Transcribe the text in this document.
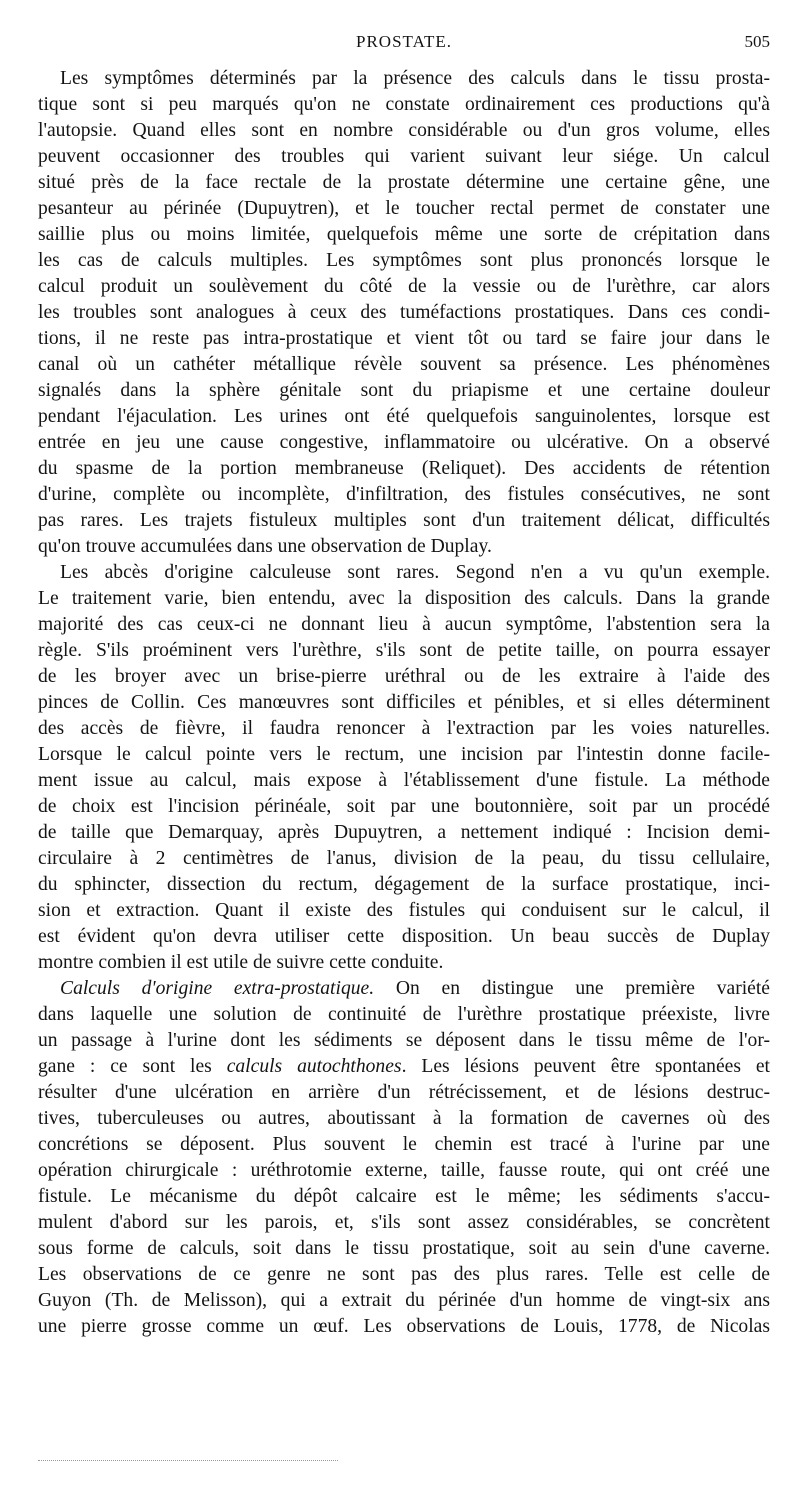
PROSTATE.	505
Les symptômes déterminés par la présence des calculs dans le tissu prosta-
tique sont si peu marqués qu'on ne constate ordinairement ces productions qu'à
l'autopsie. Quand elles sont en nombre considérable ou d'un gros volume, elles
peuvent occasionner des troubles qui varient suivant leur siége. Un calcul
situé près de la face rectale de la prostate détermine une certaine gêne, une
pesanteur au périnée (Dupuytren), et le toucher rectal permet de constater une
saillie plus ou moins limitée, quelquefois même une sorte de crépitation dans
les cas de calculs multiples. Les symptômes sont plus prononcés lorsque le
calcul produit un soulèvement du côté de la vessie ou de l'urèthre, car alors
les troubles sont analogues à ceux des tuméfactions prostatiques. Dans ces condi-
tions, il ne reste pas intra-prostatique et vient tôt ou tard se faire jour dans le
canal où un cathéter métallique révèle souvent sa présence. Les phénomènes
signalés dans la sphère génitale sont du priapisme et une certaine douleur
pendant l'éjaculation. Les urines ont été quelquefois sanguinolentes, lorsque est
entrée en jeu une cause congestive, inflammatoire ou ulcérative. On a observé
du spasme de la portion membraneuse (Reliquet). Des accidents de rétention
d'urine, complète ou incomplète, d'infiltration, des fistules consécutives, ne sont
pas rares. Les trajets fistuleux multiples sont d'un traitement délicat, difficultés
qu'on trouve accumulées dans une observation de Duplay.
Les abcès d'origine calculeuse sont rares. Segond n'en a vu qu'un exemple.
Le traitement varie, bien entendu, avec la disposition des calculs. Dans la grande
majorité des cas ceux-ci ne donnant lieu à aucun symptôme, l'abstention sera la
règle. S'ils proéminent vers l'urèthre, s'ils sont de petite taille, on pourra essayer
de les broyer avec un brise-pierre uréthral ou de les extraire à l'aide des
pinces de Collin. Ces manœuvres sont difficiles et pénibles, et si elles déterminent
des accès de fièvre, il faudra renoncer à l'extraction par les voies naturelles.
Lorsque le calcul pointe vers le rectum, une incision par l'intestin donne facile-
ment issue au calcul, mais expose à l'établissement d'une fistule. La méthode
de choix est l'incision périnéale, soit par une boutonnière, soit par un procédé
de taille que Demarquay, après Dupuytren, a nettement indiqué : Incision demi-
circulaire à 2 centimètres de l'anus, division de la peau, du tissu cellulaire,
du sphincter, dissection du rectum, dégagement de la surface prostatique, inci-
sion et extraction. Quant il existe des fistules qui conduisent sur le calcul, il
est évident qu'on devra utiliser cette disposition. Un beau succès de Duplay
montre combien il est utile de suivre cette conduite.
Calculs d'origine extra-prostatique. On en distingue une première variété
dans laquelle une solution de continuité de l'urèthre prostatique préexiste, livre
un passage à l'urine dont les sédiments se déposent dans le tissu même de l'or-
gane : ce sont les calculs autochthones. Les lésions peuvent être spontanées et
résulter d'une ulcération en arrière d'un rétrécissement, et de lésions destruc-
tives, tuberculeuses ou autres, aboutissant à la formation de cavernes où des
concrétions se déposent. Plus souvent le chemin est tracé à l'urine par une
opération chirurgicale : uréthrotomie externe, taille, fausse route, qui ont créé une
fistule. Le mécanisme du dépôt calcaire est le même; les sédiments s'accu-
mulent d'abord sur les parois, et, s'ils sont assez considérables, se concrètent
sous forme de calculs, soit dans le tissu prostatique, soit au sein d'une caverne.
Les observations de ce genre ne sont pas des plus rares. Telle est celle de
Guyon (Th. de Melisson), qui a extrait du périnée d'un homme de vingt-six ans
une pierre grosse comme un œuf. Les observations de Louis, 1778, de Nicolas
